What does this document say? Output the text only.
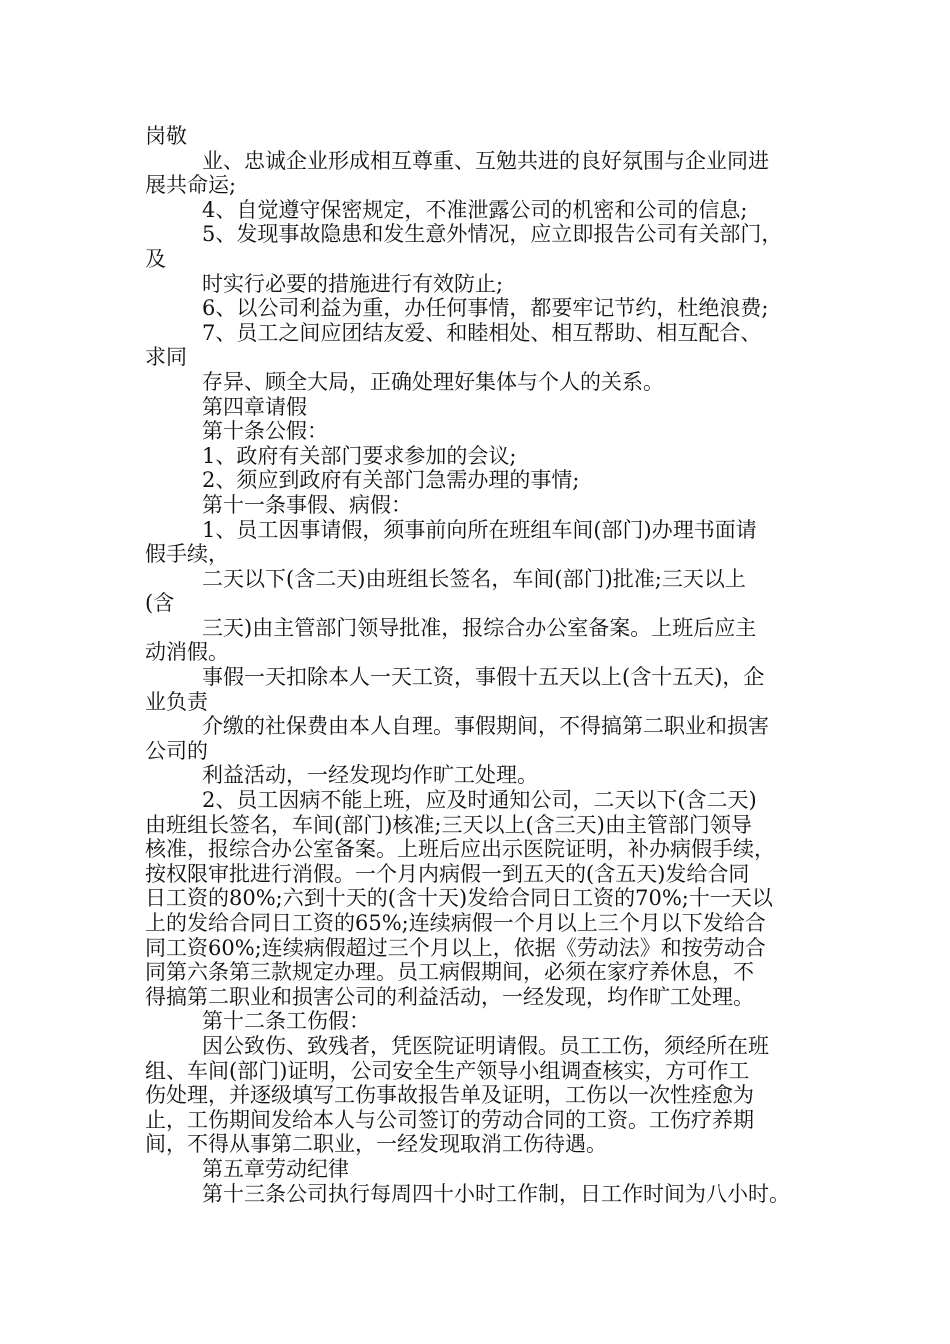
岗敬
业、忠诚企业形成相互尊重、互勉共进的良好氛围与企业同进
展共命运;
4、自觉遵守保密规定，不准泄露公司的机密和公司的信息;
5、发现事故隐患和发生意外情况，应立即报告公司有关部门，
及
时实行必要的措施进行有效防止;
6、以公司利益为重，办任何事情，都要牢记节约，杜绝浪费;
7、员工之间应团结友爱、和睦相处、相互帮助、相互配合、
求同
存异、顾全大局，正确处理好集体与个人的关系。
第四章请假
第十条公假：
1、政府有关部门要求参加的会议;
2、须应到政府有关部门急需办理的事情;
第十一条事假、病假：
1、员工因事请假，须事前向所在班组车间(部门)办理书面请
假手续，
二天以下(含二天)由班组长签名，车间(部门)批准;三天以上
(含
三天)由主管部门领导批准，报综合办公室备案。上班后应主
动消假。
事假一天扣除本人一天工资，事假十五天以上(含十五天)，企
业负责
介缴的社保费由本人自理。事假期间，不得搞第二职业和损害
公司的
利益活动，一经发现均作旷工处理。
2、员工因病不能上班，应及时通知公司，二天以下(含二天)
由班组长签名，车间(部门)核准;三天以上(含三天)由主管部门领导
核准，报综合办公室备案。上班后应出示医院证明，补办病假手续，
按权限审批进行消假。一个月内病假一到五天的(含五天)发给合同
日工资的80%;六到十天的(含十天)发给合同日工资的70%;十一天以
上的发给合同日工资的65%;连续病假一个月以上三个月以下发给合
同工资60%;连续病假超过三个月以上，依据《劳动法》和按劳动合
同第六条第三款规定办理。员工病假期间，必须在家疗养休息，不
得搞第二职业和损害公司的利益活动，一经发现，均作旷工处理。
第十二条工伤假：
因公致伤、致残者，凭医院证明请假。员工工伤，须经所在班
组、车间(部门)证明，公司安全生产领导小组调查核实，方可作工
伤处理，并逐级填写工伤事故报告单及证明，工伤以一次性痊愈为
止，工伤期间发给本人与公司签订的劳动合同的工资。工伤疗养期
间，不得从事第二职业，一经发现取消工伤待遇。
第五章劳动纪律
第十三条公司执行每周四十小时工作制，日工作时间为八小时。
